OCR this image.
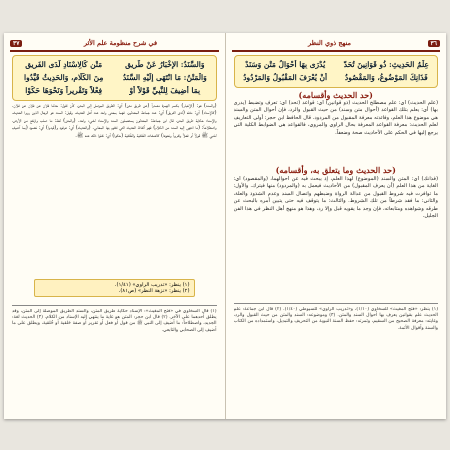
في شرح منظومة علم الأثر
٣٧
وَالسَّنَدُ: الإِخْبَارُ عَنْ طَرِيقِ
مَتْنٍ كَالِاسْنَادِ لَدَى الفَرِيقِ
وَالْمَتْنُ: مَا انْتَهَى إِلَيْهِ السَّنَدُ
مِنَ الكَلَامِ، وَالحَدِيثُ قَيَّدُوا
بِمَا أُضِيفَ لِلنَّبِيِّ قَوْلاً أَوْ
فِعْلاً وَتَقْرِيراً وَنَحْوَهَا حَكَوْا
(والسند) هو: (الإخبار) بكسر الهمزة مصدراً (عن طريق متن) أي: الطريق الموصل إلى المتن، كأن تقول: حدثنا فلان عن فلان عن فلان. (كالإسناد) أي: مثله (لدى الفريق) أي: عند جماعة المحدثين، فهما بمعنى واحد عند أهل الحديث، وقيل: السند هو الرجال الذين رووا الحديث، والإسناد حكاية طريق المتن، قال ابن جماعة: المحدثون يستعملون السند والإسناد لشيء واحد. (والمتن) لغة: ما صلب وارتفع من الأرض، واصطلاحاً: (ما انتهى إليه السند من الكلام) فهو ألفاظ الحديث التي تتقوم بها المعاني. (والحديث) أي: عرفوه و(قيدوا) أي: خصوه (بما أضيف للنبي ﷺ قولاً أو فعلاً وتقريراً ونحوها) كالصفات الخَلقية والخُلقية (حكوا) أي: نقلوا ذلك عنه ﷺ.
(١) ينظر: «تدريب الراوي» (١/٤١).
(٢) ينظر: «نزهة النظر» (ص٨١).
(١) قال السخاوي في «فتح المغيث»: الإسناد حكاية طريق المتن، والسند الطريق الموصلة إلى المتن، وقد يطلق أحدهما على الآخر. (٢) قال ابن حجر: المتن هو غاية ما ينتهي إليه الإسناد من الكلام. (٣) الحديث لغة: الجديد، واصطلاحاً: ما أضيف إلى النبي ﷺ من قول أو فعل أو تقرير أو صفة خَلقية أو خُلقية، ويطلق على ما أضيف إلى الصحابي والتابعي.
٣٦
منهج ذوي النظر
عِلْمُ الحَدِيثِ: ذُو قَوَانِينَ تُحَدّ
يُدْرَى بِهَا أَحْوَالُ مَتْنٍ وَسَنَدْ
فَذَانِكَ المَوْضُوعُ، وَالمَقْصُودُ
أَنْ يُعْرَفَ المَقْبُولُ وَالمَرْدُودُ
(حد الحديث وأقسامه)
(علم الحديث) أي: علم مصطلح الحديث (ذو قوانين) أي: قواعد (تحد) أي: تعرف وتضبط (يدرى بها) أي: يعلم بتلك القواعد (أحوال متن وسند) من حيث القبول والرد، فإن أحوال المتن والسند هي موضوع هذا العلم، وفائدته معرفة المقبول من المردود. قال الحافظ ابن حجر: أولى التعاريف لعلم الحديث: معرفة القواعد المعرفة بحال الراوي والمروي، فالقواعد هي الضوابط الكلية التي يرجع إليها في الحكم على الأحاديث صحة وضعفاً.
(حد الحديث وما يتعلق به، وأقسامه)
(فذانك) أي: المتن والسند (الموضوع) لهذا العلم، إذ يبحث فيه عن أحوالهما، (والمقصود) أي: الغاية من هذا العلم (أن يعرف المقبول) من الأحاديث فيعمل به (والمردود) منها فيترك. والأول: ما توافرت فيه شروط القبول من عدالة الرواة وضبطهم واتصال السند وعدم الشذوذ والعلة، والثاني: ما فقد شرطاً من تلك الشروط. والثالث: ما يتوقف فيه حتى يتبين أمره بالبحث عن طرقه وشواهده ومتابعاته، فإن وجد ما يقويه قبل وإلا رد، وهذا هو منهج أهل النظر في هذا الفن الجليل.
(١) ينظر: «فتح المغيث» للسخاوي (١/١٠)، و«تدريب الراوي» للسيوطي (١/٤٠). (٢) قال ابن جماعة: علم الحديث علم بقوانين يعرف بها أحوال السند والمتن. (٣) وموضوعه: السند والمتن من حيث القبول والرد، وغايته: معرفة الصحيح من السقيم، وثمرته: حفظ السنة النبوية من التحريف والتبديل، واستمداده من الكتاب والسنة وأقوال الأئمة.
